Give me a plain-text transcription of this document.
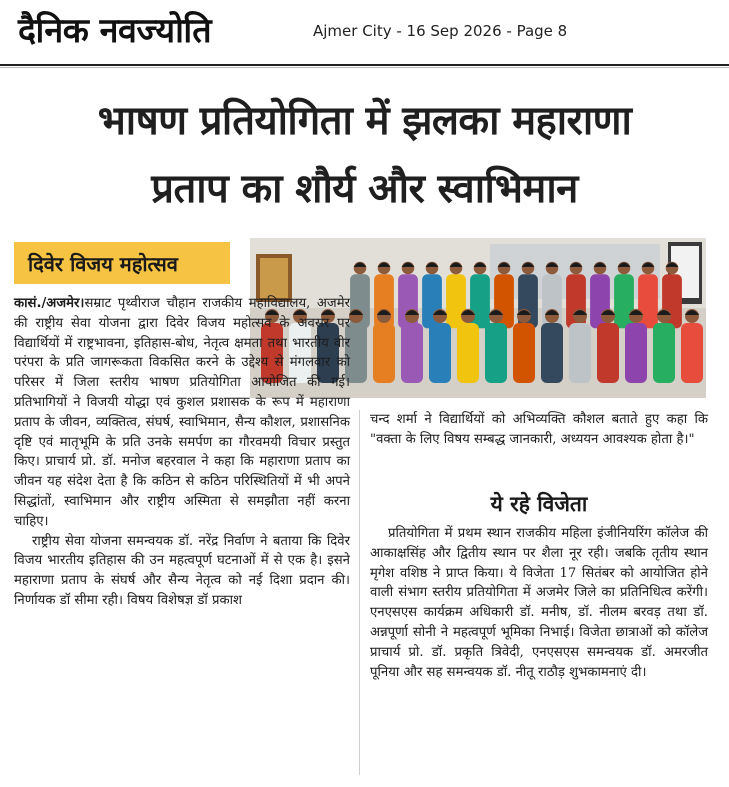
दैनिक नवज्योति	Ajmer City - 16 Sep 2026 - Page 8
भाषण प्रतियोगिता में झलका महाराणा
प्रताप का शौर्य और स्वाभिमान
दिवेर विजय महोत्सव

कासं./अजमेर।सम्राट पृथ्वीराज चौहान राजकीय महाविद्यालय, अजमेर की राष्ट्रीय सेवा योजना द्वारा दिवेर विजय महोत्सव के अवसर पर विद्यार्थियों में राष्ट्रभावना, इतिहास-बोध, नेतृत्व क्षमता तथा भारतीय वीर परंपरा के प्रति जागरूकता विकसित करने के उद्देश्य से मंगलवार को परिसर में जिला स्तरीय भाषण प्रतियोगिता आयोजित की गई। प्रतिभागियों ने विजयी योद्धा एवं कुशल प्रशासक के रूप में महाराणा प्रताप के जीवन, व्यक्तित्व, संघर्ष, स्वाभिमान, सैन्य कौशल, प्रशासनिक दृष्टि एवं मातृभूमि के प्रति उनके समर्पण का गौरवमयी विचार प्रस्तुत किए। प्राचार्य प्रो. डॉ. मनोज बहरवाल ने कहा कि महाराणा प्रताप का जीवन यह संदेश देता है कि कठिन से कठिन परिस्थितियों में भी अपने सिद्धांतों, स्वाभिमान और राष्ट्रीय अस्मिता से समझौता नहीं करना चाहिए।

राष्ट्रीय सेवा योजना समन्वयक डॉ. नरेंद्र निर्वाण ने बताया कि दिवेर विजय भारतीय इतिहास की उन महत्वपूर्ण घटनाओं में से एक है। इसने महाराणा प्रताप के संघर्ष और सैन्य नेतृत्व को नई दिशा प्रदान की। निर्णायक डॉ सीमा रही। विषय विशेषज्ञ डॉ प्रकाश

चन्द शर्मा ने विद्यार्थियों को अभिव्यक्ति कौशल बताते हुए कहा कि "वक्ता के लिए विषय सम्बद्ध जानकारी, अध्ययन आवश्यक होता है।"

ये रहे विजेता

प्रतियोगिता में प्रथम स्थान राजकीय महिला इंजीनियरिंग कॉलेज की आकाक्षसिंह और द्वितीय स्थान पर शैला नूर रही। जबकि तृतीय स्थान मृगेश वशिष्ठ ने प्राप्त किया। ये विजेता 17 सितंबर को आयोजित होने वाली संभाग स्तरीय प्रतियोगिता में अजमेर जिले का प्रतिनिधित्व करेंगी। एनएसएस कार्यक्रम अधिकारी डॉ. मनीष, डॉ. नीलम बरवड़ तथा डॉ. अन्नपूर्णा सोनी ने महत्वपूर्ण भूमिका निभाई। विजेता छात्राओं को कॉलेज प्राचार्य प्रो. डॉ. प्रकृति त्रिवेदी, एनएसएस समन्वयक डॉ. अमरजीत पूनिया और सह समन्वयक डॉ. नीतू राठौड़ शुभकामनाएं दी।
